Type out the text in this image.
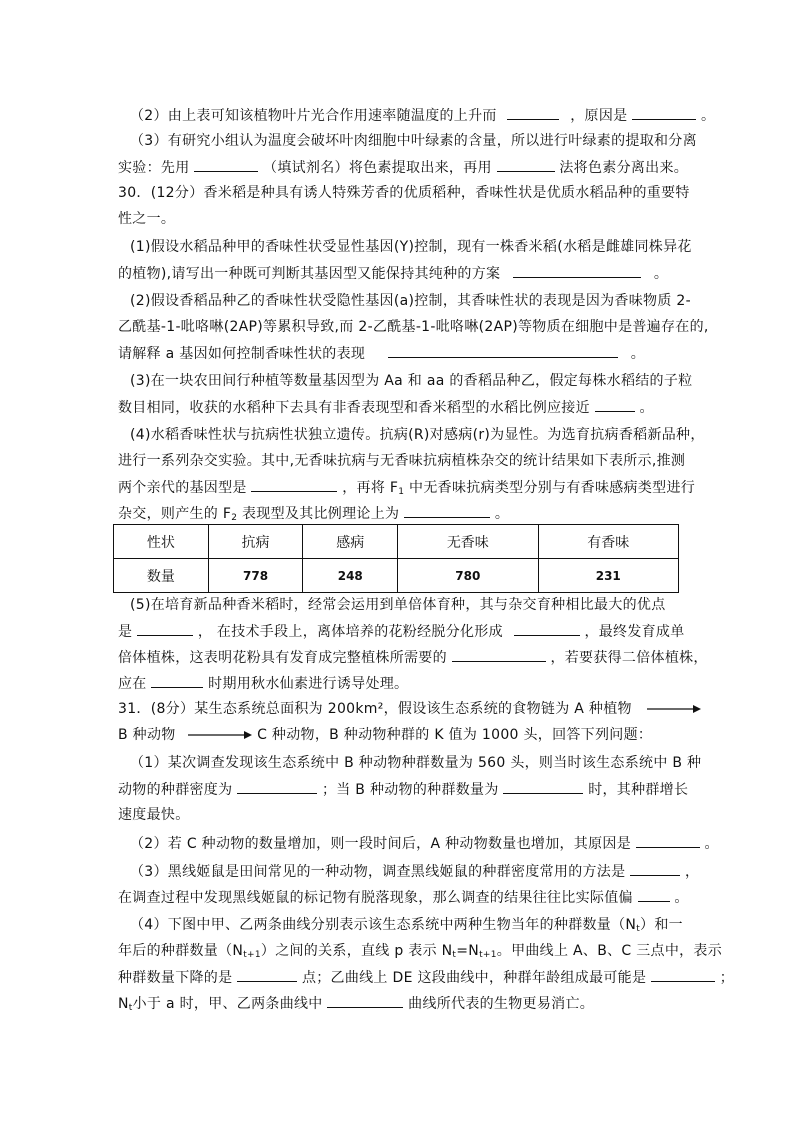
（2）由上表可知该植物叶片光合作用速率随温度的上升而	，原因是	。
（3）有研究小组认为温度会破坏叶肉细胞中叶绿素的含量，所以进行叶绿素的提取和分离
实验：先用	（填试剂名）将色素提取出来，再用	法将色素分离出来。
30．(12分）香米稻是种具有诱人特殊芳香的优质稻种，香味性状是优质水稻品种的重要特
性之一。
(1)假设水稻品种甲的香味性状受显性基因(Y)控制，现有一株香米稻(水稻是雌雄同株异花
的植物),请写出一种既可判断其基因型又能保持其纯种的方案	。
(2)假设香稻品种乙的香味性状受隐性基因(a)控制，其香味性状的表现是因为香味物质 2-
乙酰基-1-吡咯啉(2AP)等累积导致,而 2-乙酰基-1-吡咯啉(2AP)等物质在细胞中是普遍存在的,
请解释 a 基因如何控制香味性状的表现	。
(3)在一块农田间行种植等数量基因型为 Aa 和 aa 的香稻品种乙，假定每株水稻结的子粒
数目相同，收获的水稻种下去具有非香表现型和香米稻型的水稻比例应接近	。
(4)水稻香味性状与抗病性状独立遗传。抗病(R)对感病(r)为显性。为选育抗病香稻新品种，
进行一系列杂交实验。其中,无香味抗病与无香味抗病植株杂交的统计结果如下表所示,推测
两个亲代的基因型是	，再将 $F_1$ 中无香味抗病类型分别与有香味感病类型进行
杂交，则产生的 $F_2$ 表现型及其比例理论上为	。
性状	抗病	感病	无香味	有香味
数量	778	248	780	231
(5)在培育新品种香米稻时，经常会运用到单倍体育种，其与杂交育种相比最大的优点
是	， 在技术手段上，离体培养的花粉经脱分化形成	，最终发育成单
倍体植株，这表明花粉具有发育成完整植株所需要的	，若要获得二倍体植株，
应在	时期用秋水仙素进行诱导处理。
31．(8分）某生态系统总面积为 200km²，假设该生态系统的食物链为 A 种植物
B 种动物	C 种动物，B 种动物种群的 K 值为 1000 头，回答下列问题：
（1）某次调查发现该生态系统中 B 种动物种群数量为 560 头，则当时该生态系统中 B 种
动物的种群密度为	；当 B 种动物的种群数量为	时，其种群增长
速度最快。
（2）若 C 种动物的数量增加，则一段时间后，A 种动物数量也增加，其原因是	。
（3）黑线姬鼠是田间常见的一种动物，调查黑线姬鼠的种群密度常用的方法是	，
在调查过程中发现黑线姬鼠的标记物有脱落现象，那么调查的结果往往比实际值偏	。
（4）下图中甲、乙两条曲线分别表示该生态系统中两种生物当年的种群数量$(N_t)$和一
年后的种群数量$(N_{t+1})$之间的关系，直线 p 表示 $N_t=N_{t+1}$。甲曲线上 A、B、C 三点中，表示
种群数量下降的是	点；乙曲线上 DE 这段曲线中，种群年龄组成最可能是	；
$N_t$小于 a 时，甲、乙两条曲线中	曲线所代表的生物更易消亡。
